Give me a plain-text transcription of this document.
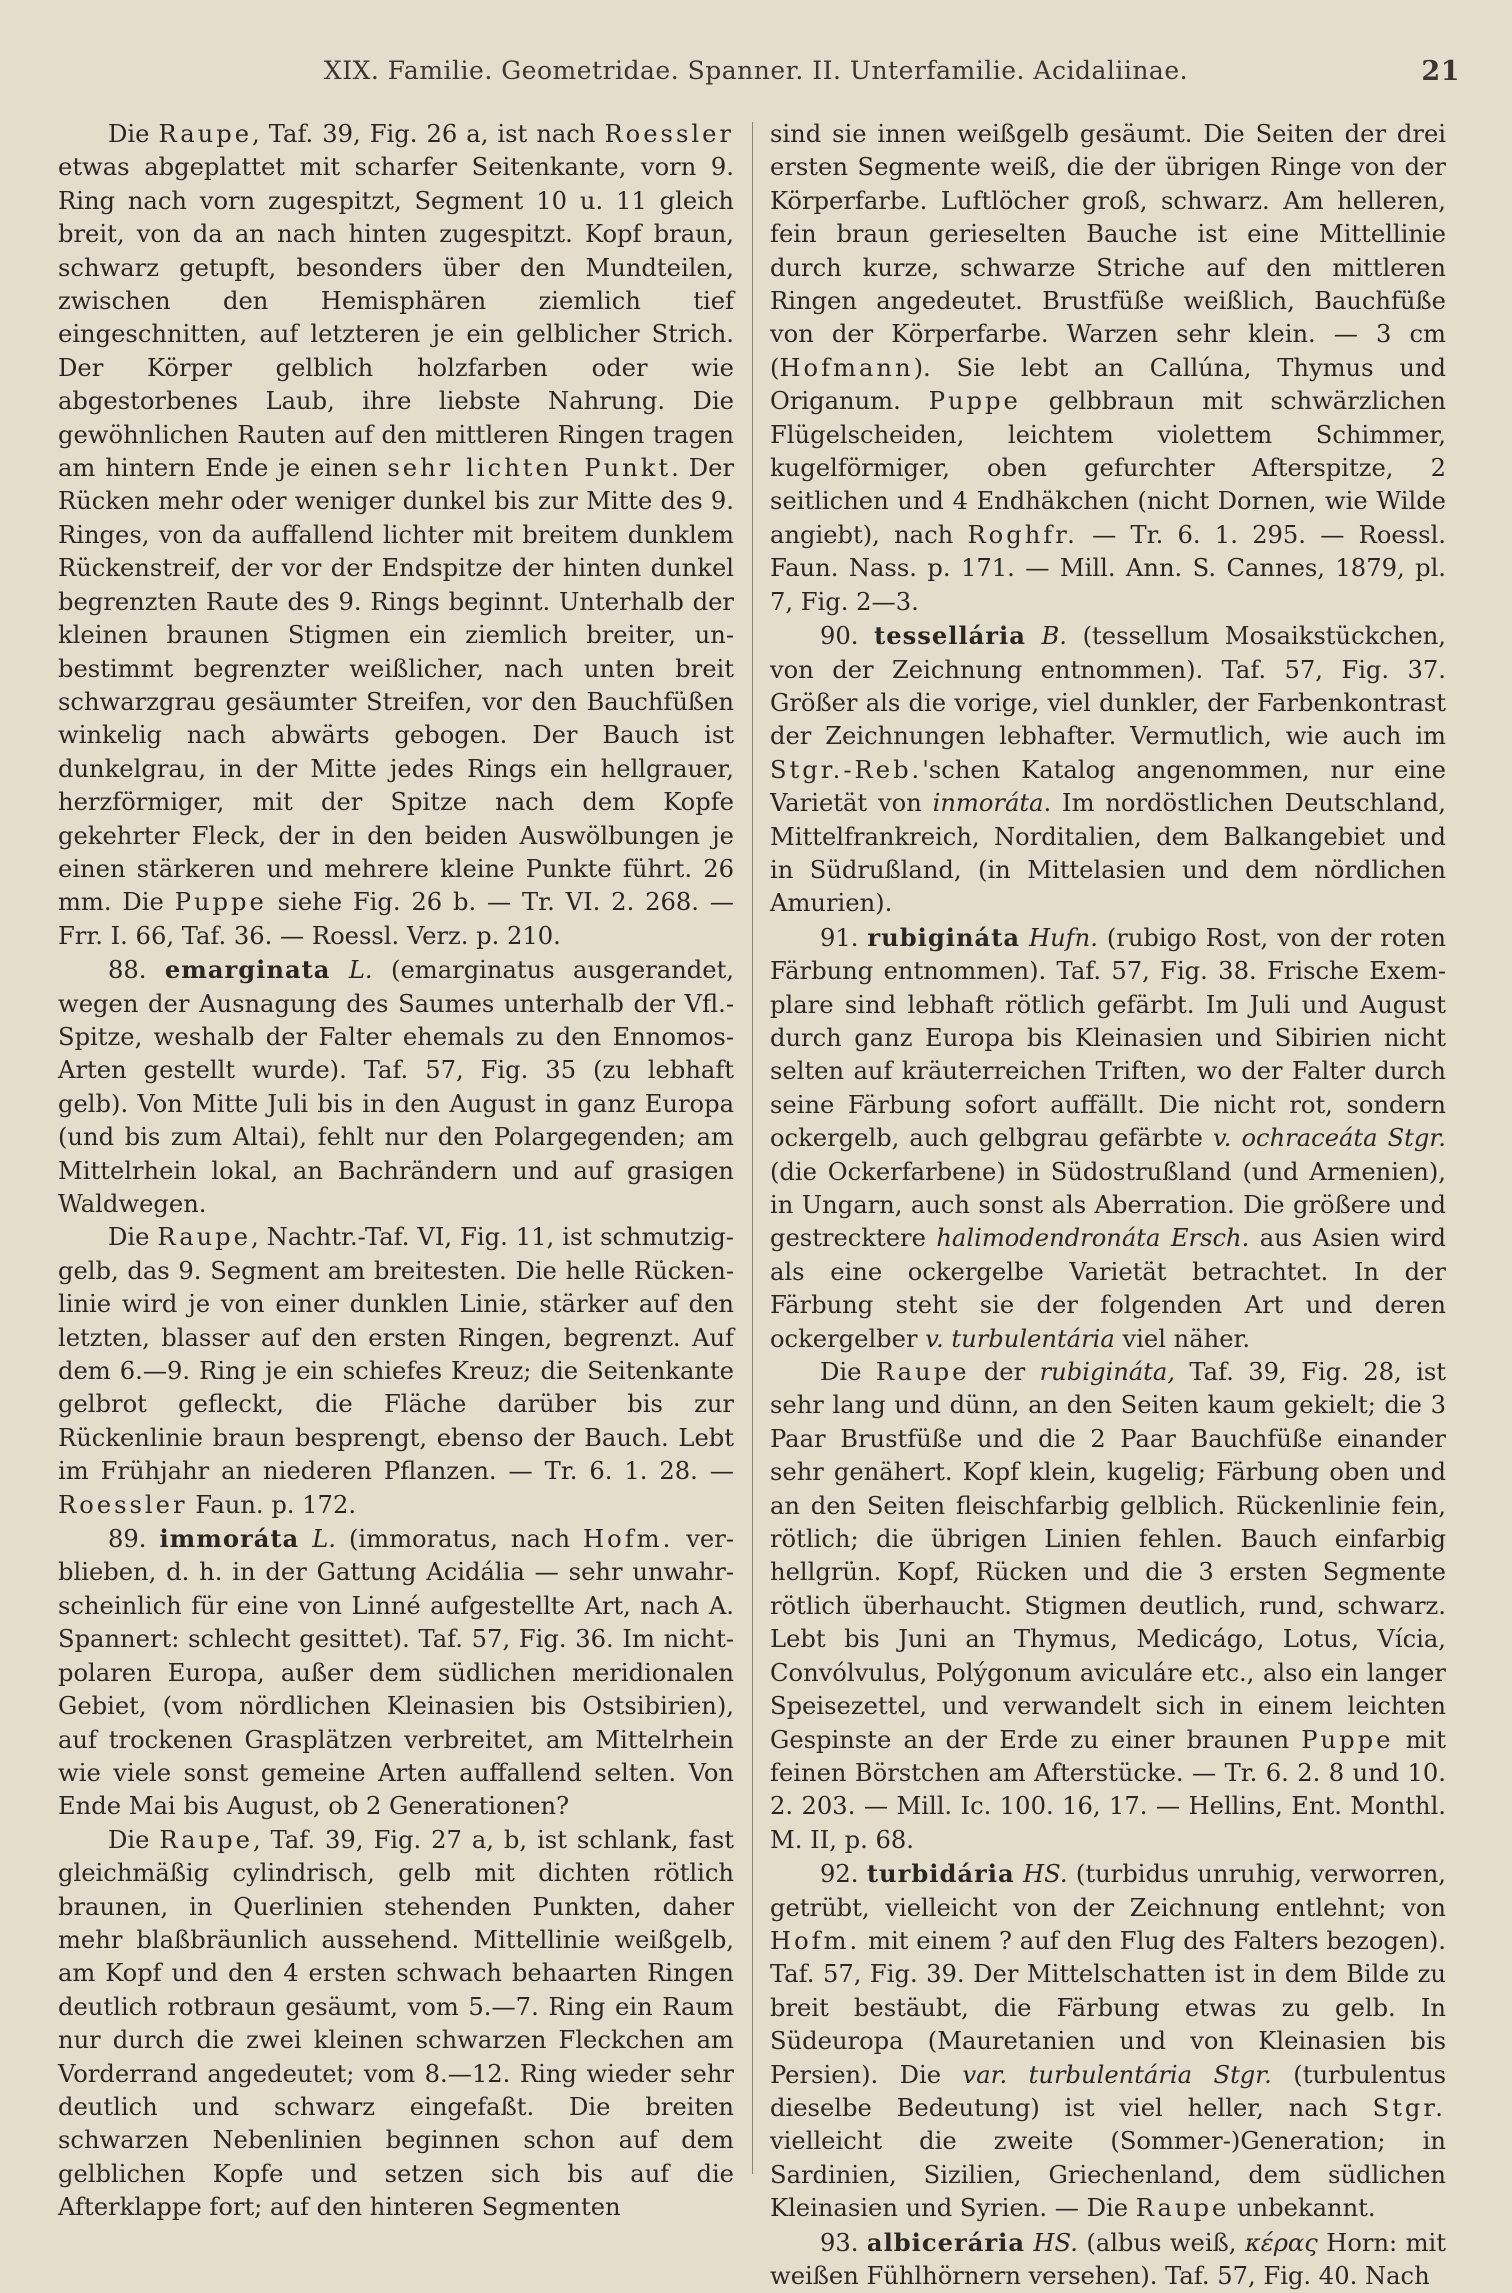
XIX. Familie. Geometridae. Spanner. II. Unterfamilie. Acidaliinae.	21

Die Raupe, Taf. 39, Fig. 26 a, ist nach Roessler etwas abgeplattet mit scharfer Seitenkante, vorn 9. Ring nach vorn zugespitzt, Segment 10 u. 11 gleich breit, von da an nach hinten zugespitzt. Kopf braun, schwarz getupft, besonders über den Mundteilen, zwischen den Hemisphären ziemlich tief eingeschnitten, auf letzteren je ein gelblicher Strich. Der Körper gelblich holzfarben oder wie abgestorbenes Laub, ihre liebste Nahrung. Die gewöhnlichen Rauten auf den mittleren Ringen tragen am hintern Ende je einen sehr lichten Punkt. Der Rücken mehr oder weniger dunkel bis zur Mitte des 9. Ringes, von da auffallend lichter mit breitem dunklem Rückenstreif, der vor der Endspitze der hinten dunkel begrenzten Raute des 9. Rings beginnt. Unterhalb der kleinen braunen Stigmen ein ziemlich breiter, unbestimmt begrenzter weißlicher, nach unten breit schwarzgrau gesäumter Streifen, vor den Bauchfüßen winkelig nach abwärts gebogen. Der Bauch ist dunkelgrau, in der Mitte jedes Rings ein hellgrauer, herzförmiger, mit der Spitze nach dem Kopfe gekehrter Fleck, der in den beiden Auswölbungen je einen stärkeren und mehrere kleine Punkte führt. 26 mm. Die Puppe siehe Fig. 26 b. — Tr. VI. 2. 268. — Frr. I. 66, Taf. 36. — Roessl. Verz. p. 210.

88. emarginata L. (emarginatus ausgerandet, wegen der Ausnagung des Saumes unterhalb der Vfl.-Spitze, weshalb der Falter ehemals zu den Ennomos-Arten gestellt wurde). Taf. 57, Fig. 35 (zu lebhaft gelb). Von Mitte Juli bis in den August in ganz Europa (und bis zum Altai), fehlt nur den Polargegenden; am Mittelrhein lokal, an Bachrändern und auf grasigen Waldwegen.

Die Raupe, Nachtr.-Taf. VI, Fig. 11, ist schmutziggelb, das 9. Segment am breitesten. Die helle Rückenlinie wird je von einer dunklen Linie, stärker auf den letzten, blasser auf den ersten Ringen, begrenzt. Auf dem 6.—9. Ring je ein schiefes Kreuz; die Seitenkante gelbrot gefleckt, die Fläche darüber bis zur Rückenlinie braun besprengt, ebenso der Bauch. Lebt im Frühjahr an niederen Pflanzen. — Tr. 6. 1. 28. — Roessler Faun. p. 172.

89. immoráta L. (immoratus, nach Hofm. verblieben, d. h. in der Gattung Acidália — sehr unwahrscheinlich für eine von Linné aufgestellte Art, nach A. Spannert: schlecht gesittet). Taf. 57, Fig. 36. Im nichtpolaren Europa, außer dem südlichen meridionalen Gebiet, (vom nördlichen Kleinasien bis Ostsibirien), auf trockenen Grasplätzen verbreitet, am Mittelrhein wie viele sonst gemeine Arten auffallend selten. Von Ende Mai bis August, ob 2 Generationen?

Die Raupe, Taf. 39, Fig. 27 a, b, ist schlank, fast gleichmäßig cylindrisch, gelb mit dichten rötlich braunen, in Querlinien stehenden Punkten, daher mehr blaßbräunlich aussehend. Mittellinie weißgelb, am Kopf und den 4 ersten schwach behaarten Ringen deutlich rotbraun gesäumt, vom 5.—7. Ring ein Raum nur durch die zwei kleinen schwarzen Fleckchen am Vorderrand angedeutet; vom 8.—12. Ring wieder sehr deutlich und schwarz eingefaßt. Die breiten schwarzen Nebenlinien beginnen schon auf dem gelblichen Kopfe und setzen sich bis auf die Afterklappe fort; auf den hinteren Segmenten

sind sie innen weißgelb gesäumt. Die Seiten der drei ersten Segmente weiß, die der übrigen Ringe von der Körperfarbe. Luftlöcher groß, schwarz. Am helleren, fein braun gerieselten Bauche ist eine Mittellinie durch kurze, schwarze Striche auf den mittleren Ringen angedeutet. Brustfüße weißlich, Bauchfüße von der Körperfarbe. Warzen sehr klein. — 3 cm (Hofmann). Sie lebt an Callúna, Thymus und Origanum. Puppe gelbbraun mit schwärzlichen Flügelscheiden, leichtem violettem Schimmer, kugelförmiger, oben gefurchter Afterspitze, 2 seitlichen und 4 Endhäkchen (nicht Dornen, wie Wilde angiebt), nach Roghfr. — Tr. 6. 1. 295. — Roessl. Faun. Nass. p. 171. — Mill. Ann. S. Cannes, 1879, pl. 7, Fig. 2—3.

90. tessellária B. (tessellum Mosaikstückchen, von der Zeichnung entnommen). Taf. 57, Fig. 37. Größer als die vorige, viel dunkler, der Farbenkontrast der Zeichnungen lebhafter. Vermutlich, wie auch im Stgr.-Reb.'schen Katalog angenommen, nur eine Varietät von inmoráta. Im nordöstlichen Deutschland, Mittelfrankreich, Norditalien, dem Balkangebiet und in Südrußland, (in Mittelasien und dem nördlichen Amurien).

91. rubigináta Hufn. (rubigo Rost, von der roten Färbung entnommen). Taf. 57, Fig. 38. Frische Exemplare sind lebhaft rötlich gefärbt. Im Juli und August durch ganz Europa bis Kleinasien und Sibirien nicht selten auf kräuterreichen Triften, wo der Falter durch seine Färbung sofort auffällt. Die nicht rot, sondern ockergelb, auch gelbgrau gefärbte v. ochraceáta Stgr. (die Ockerfarbene) in Südostrußland (und Armenien), in Ungarn, auch sonst als Aberration. Die größere und gestrecktere halimodendronáta Ersch. aus Asien wird als eine ockergelbe Varietät betrachtet. In der Färbung steht sie der folgenden Art und deren ockergelber v. turbulentária viel näher.

Die Raupe der rubigináta, Taf. 39, Fig. 28, ist sehr lang und dünn, an den Seiten kaum gekielt; die 3 Paar Brustfüße und die 2 Paar Bauchfüße einander sehr genähert. Kopf klein, kugelig; Färbung oben und an den Seiten fleischfarbig gelblich. Rückenlinie fein, rötlich; die übrigen Linien fehlen. Bauch einfarbig hellgrün. Kopf, Rücken und die 3 ersten Segmente rötlich überhaucht. Stigmen deutlich, rund, schwarz. Lebt bis Juni an Thymus, Medicágo, Lotus, Vícia, Convólvulus, Polýgonum aviculáre etc., also ein langer Speisezettel, und verwandelt sich in einem leichten Gespinste an der Erde zu einer braunen Puppe mit feinen Börstchen am Afterstücke. — Tr. 6. 2. 8 und 10. 2. 203. — Mill. Ic. 100. 16, 17. — Hellins, Ent. Monthl. M. II, p. 68.

92. turbidária HS. (turbidus unruhig, verworren, getrübt, vielleicht von der Zeichnung entlehnt; von Hofm. mit einem ? auf den Flug des Falters bezogen). Taf. 57, Fig. 39. Der Mittelschatten ist in dem Bilde zu breit bestäubt, die Färbung etwas zu gelb. In Südeuropa (Mauretanien und von Kleinasien bis Persien). Die var. turbulentária Stgr. (turbulentus dieselbe Bedeutung) ist viel heller, nach Stgr. vielleicht die zweite (Sommer-)Generation; in Sardinien, Sizilien, Griechenland, dem südlichen Kleinasien und Syrien. — Die Raupe unbekannt.

93. albicerária HS. (albus weiß, κέρας Horn: mit weißen Fühlhörnern versehen). Taf. 57, Fig. 40. Nach
